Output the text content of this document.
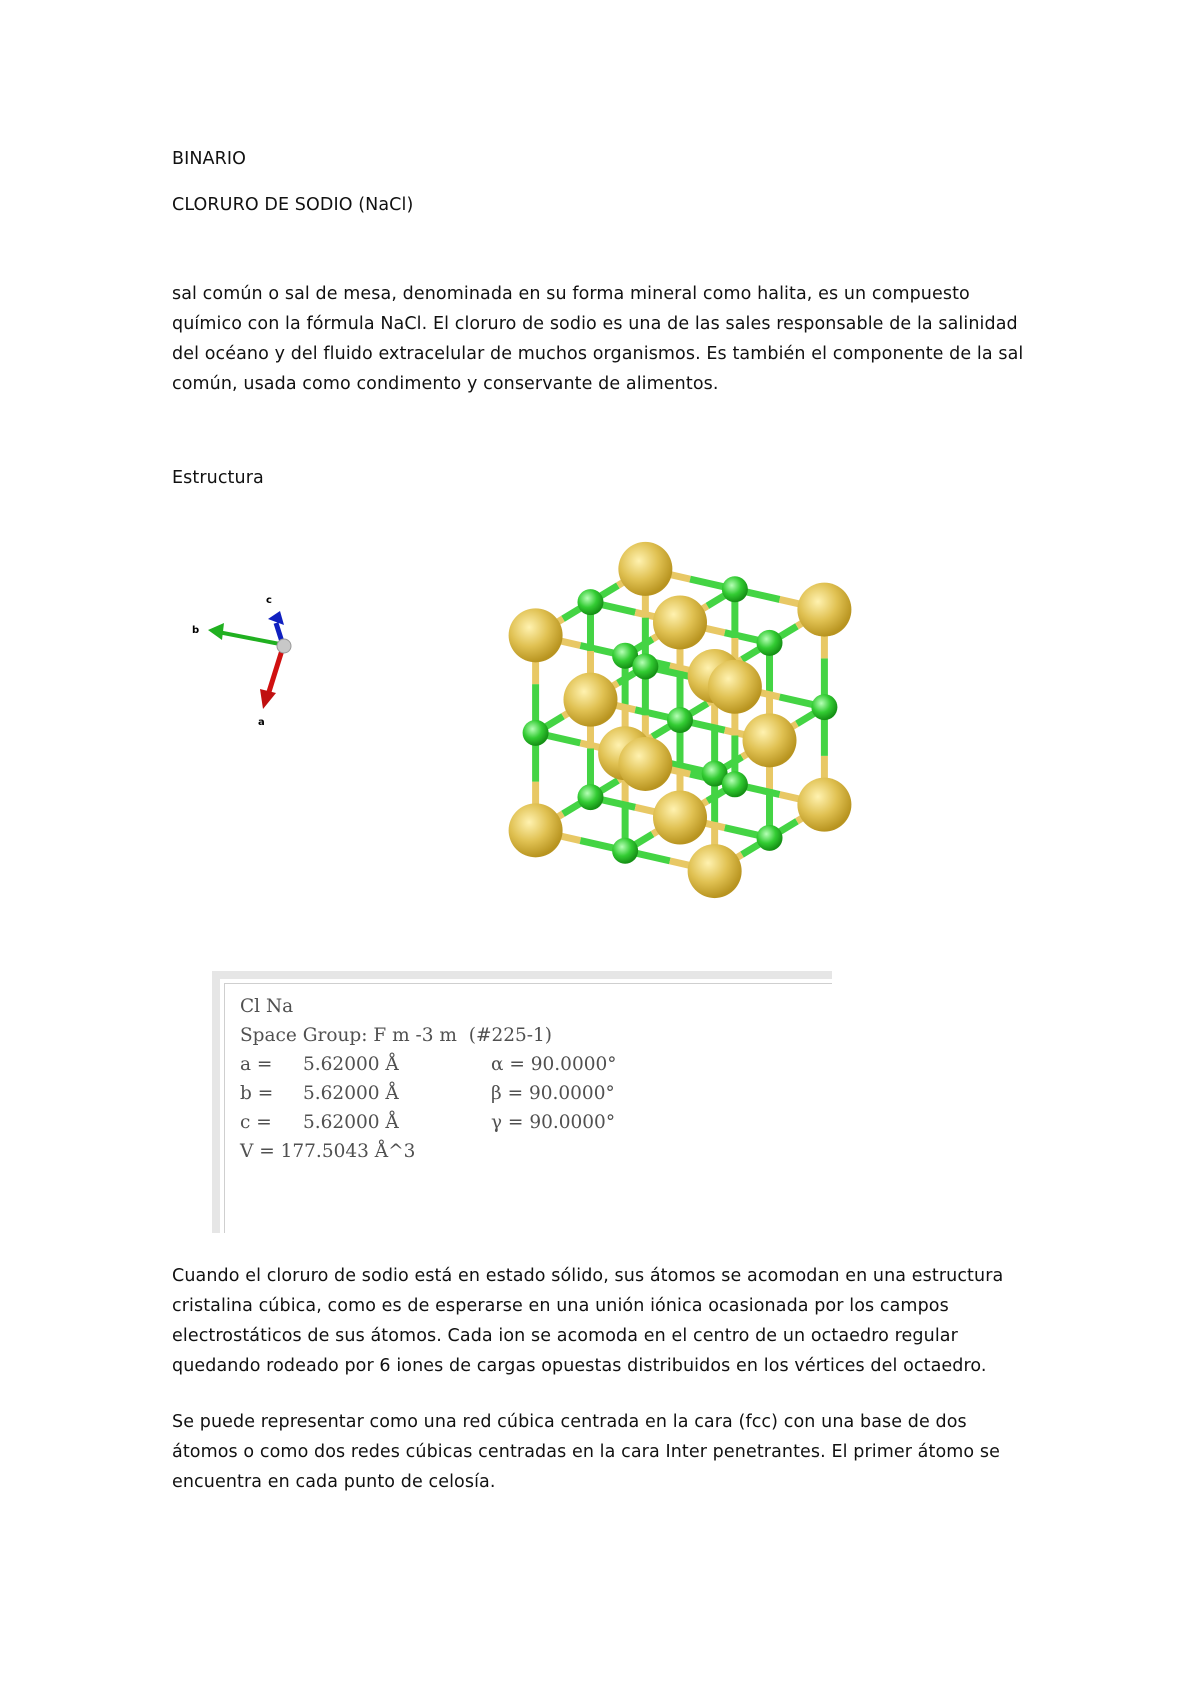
BINARIO
CLORURO DE SODIO (NaCl)
sal común o sal de mesa, denominada en su forma mineral como halita, es un compuesto
químico con la fórmula NaCl. El cloruro de sodio es una de las sales responsable de la salinidad
del océano y del fluido extracelular de muchos organismos. Es también el componente de la sal
común, usada como condimento y conservante de alimentos.
Estructura
c
b
a
Cl Na
Space Group: F m -3 m  (#225-1)
a = 5.62000 Å	α = 90.0000°
b = 5.62000 Å	β = 90.0000°
c = 5.62000 Å	γ = 90.0000°
V = 177.5043 Å^3
Cuando el cloruro de sodio está en estado sólido, sus átomos se acomodan en una estructura
cristalina cúbica, como es de esperarse en una unión iónica ocasionada por los campos
electrostáticos de sus átomos. Cada ion se acomoda en el centro de un octaedro regular
quedando rodeado por 6 iones de cargas opuestas distribuidos en los vértices del octaedro.
Se puede representar como una red cúbica centrada en la cara (fcc) con una base de dos
átomos o como dos redes cúbicas centradas en la cara Inter penetrantes. El primer átomo se
encuentra en cada punto de celosía.
